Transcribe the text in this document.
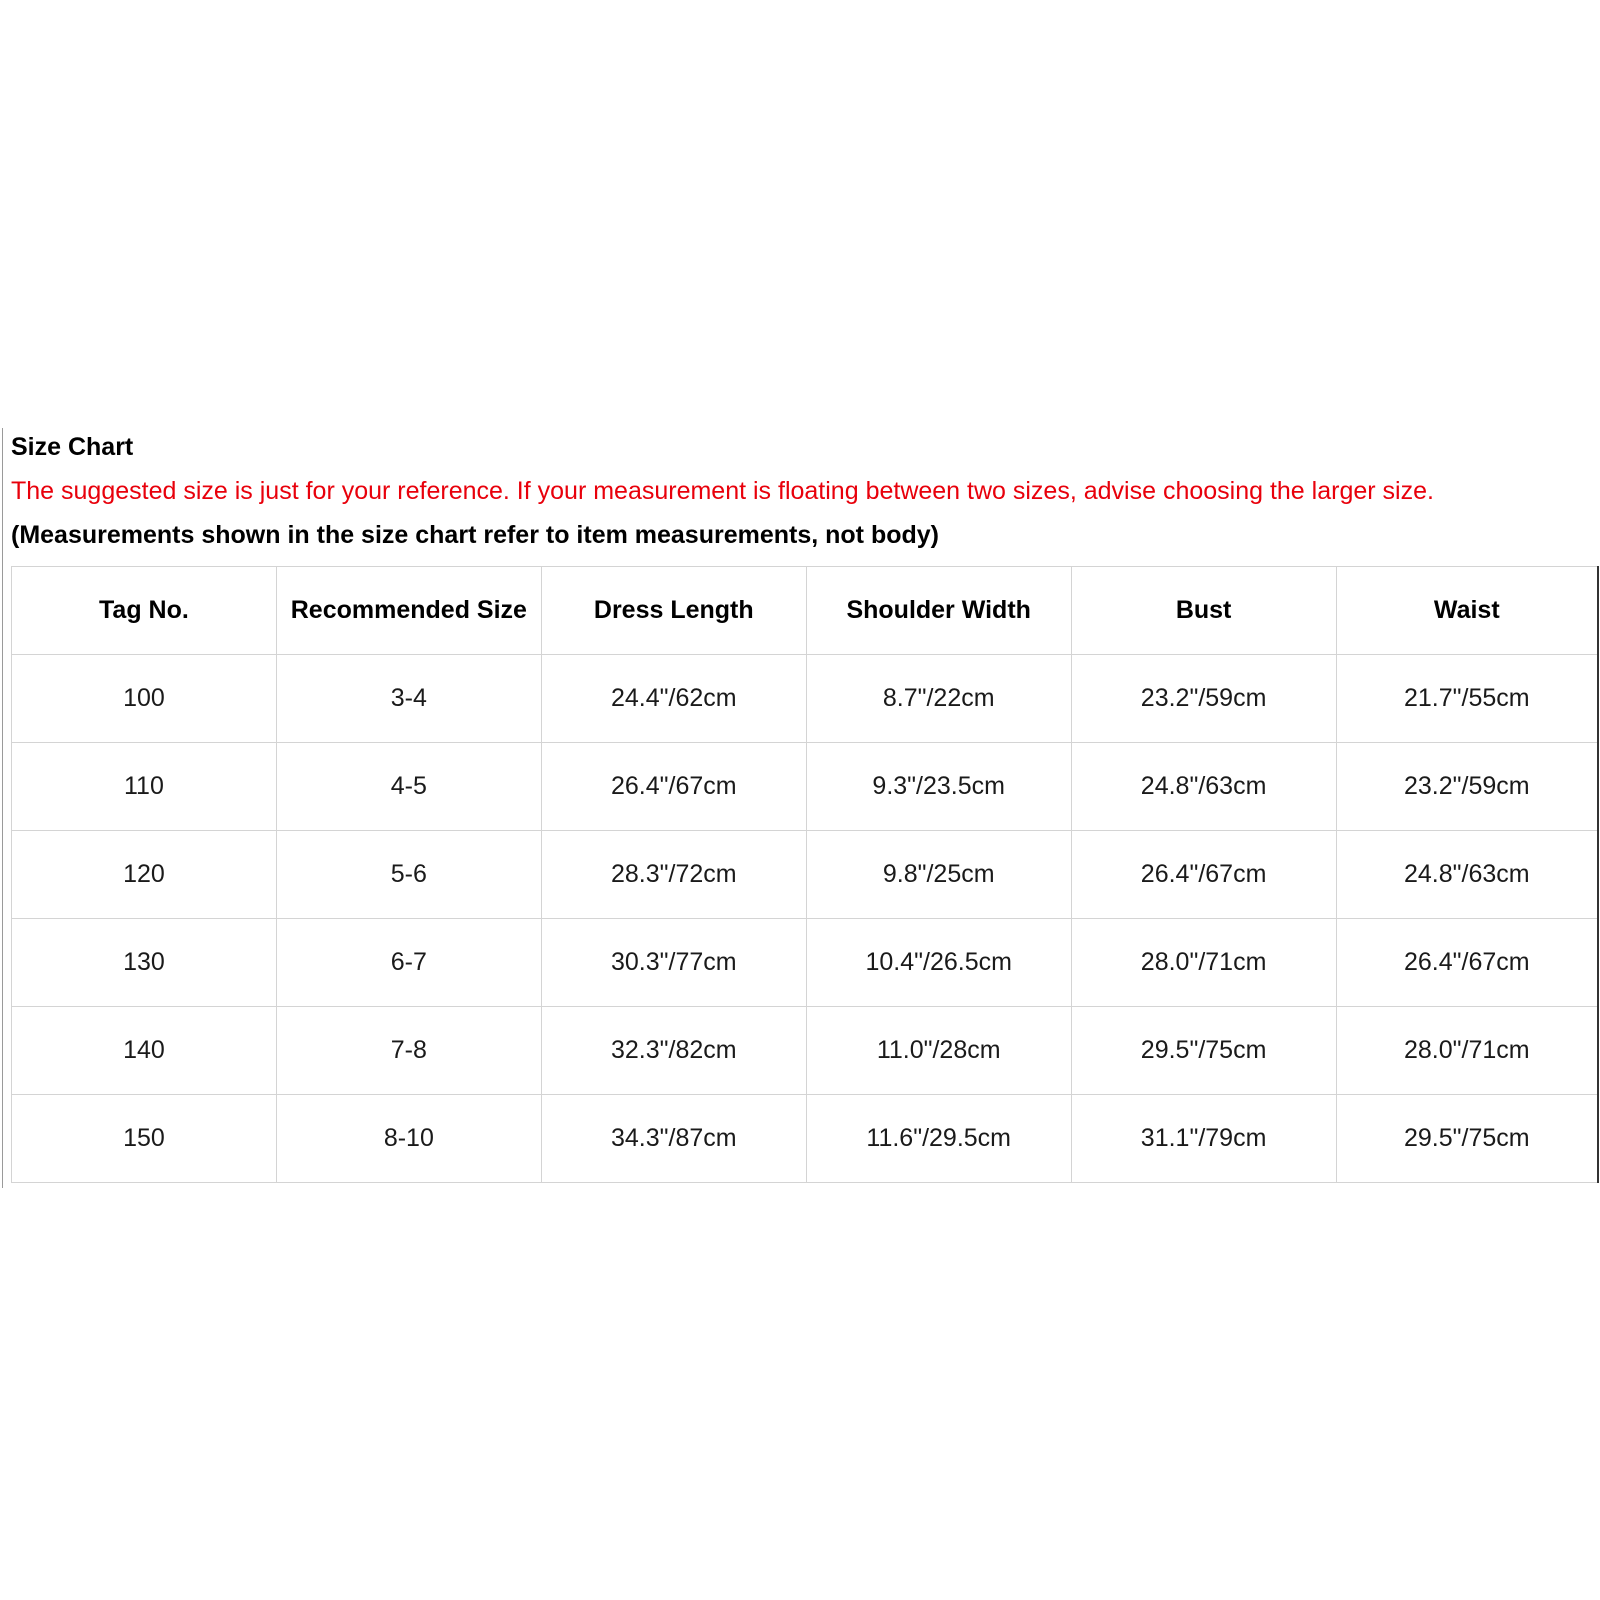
Size Chart
The suggested size is just for your reference. If your measurement is floating between two sizes, advise choosing the larger size.
(Measurements shown in the size chart refer to item measurements, not body)
Tag No.	Recommended Size	Dress Length	Shoulder Width	Bust	Waist
100	3-4	24.4"/62cm	8.7"/22cm	23.2"/59cm	21.7"/55cm
110	4-5	26.4"/67cm	9.3"/23.5cm	24.8"/63cm	23.2"/59cm
120	5-6	28.3"/72cm	9.8"/25cm	26.4"/67cm	24.8"/63cm
130	6-7	30.3"/77cm	10.4"/26.5cm	28.0"/71cm	26.4"/67cm
140	7-8	32.3"/82cm	11.0"/28cm	29.5"/75cm	28.0"/71cm
150	8-10	34.3"/87cm	11.6"/29.5cm	31.1"/79cm	29.5"/75cm
